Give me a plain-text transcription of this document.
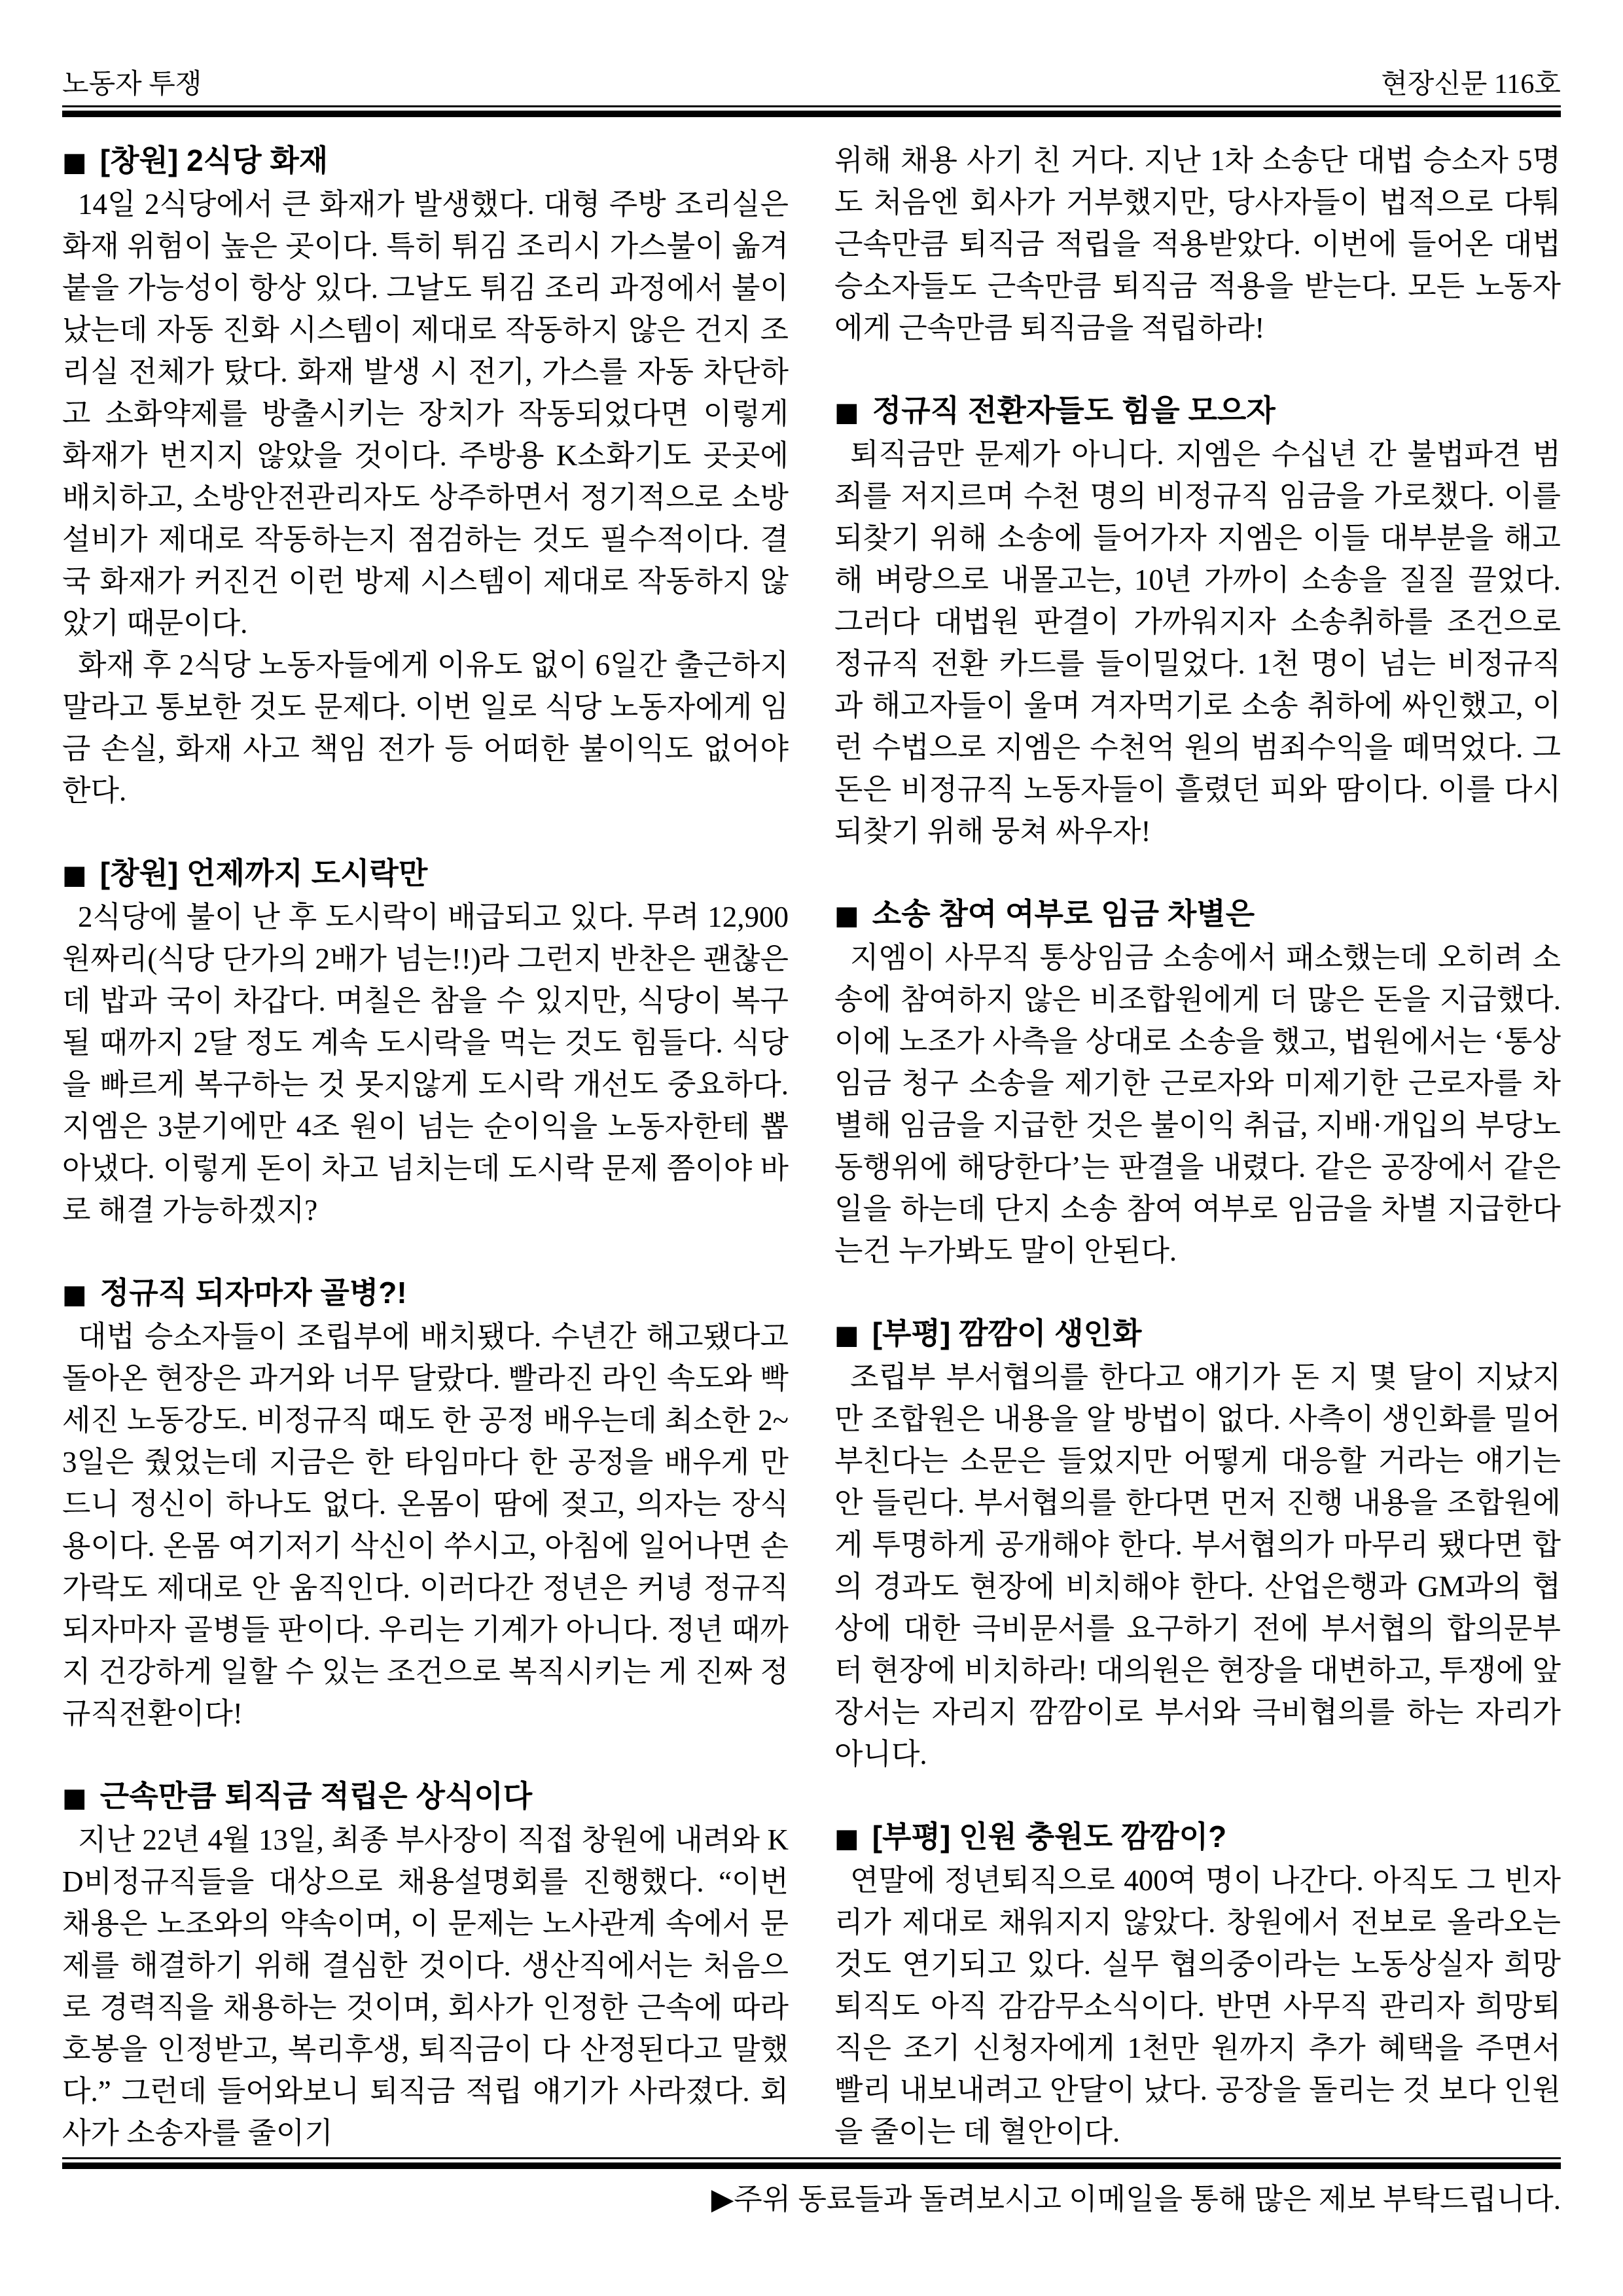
노동자 투쟁	현장신문 116호
■ [창원] 2식당 화재

14일 2식당에서 큰 화재가 발생했다. 대형 주방 조리실은 화재 위험이 높은 곳이다. 특히 튀김 조리시 가스불이 옮겨붙을 가능성이 항상 있다. 그날도 튀김 조리 과정에서 불이 났는데 자동 진화 시스템이 제대로 작동하지 않은 건지 조리실 전체가 탔다. 화재 발생 시 전기, 가스를 자동 차단하고 소화약제를 방출시키는 장치가 작동되었다면 이렇게 화재가 번지지 않았을 것이다. 주방용 K소화기도 곳곳에 배치하고, 소방안전관리자도 상주하면서 정기적으로 소방설비가 제대로 작동하는지 점검하는 것도 필수적이다. 결국 화재가 커진건 이런 방제 시스템이 제대로 작동하지 않았기 때문이다.

화재 후 2식당 노동자들에게 이유도 없이 6일간 출근하지 말라고 통보한 것도 문제다. 이번 일로 식당 노동자에게 임금 손실, 화재 사고 책임 전가 등 어떠한 불이익도 없어야 한다.

■ [창원] 언제까지 도시락만

2식당에 불이 난 후 도시락이 배급되고 있다. 무려 12,900원짜리(식당 단가의 2배가 넘는!!)라 그런지 반찬은 괜찮은데 밥과 국이 차갑다. 며칠은 참을 수 있지만, 식당이 복구될 때까지 2달 정도 계속 도시락을 먹는 것도 힘들다. 식당을 빠르게 복구하는 것 못지않게 도시락 개선도 중요하다. 지엠은 3분기에만 4조 원이 넘는 순이익을 노동자한테 뽑아냈다. 이렇게 돈이 차고 넘치는데 도시락 문제 쯤이야 바로 해결 가능하겠지?

■ 정규직 되자마자 골병?!

대법 승소자들이 조립부에 배치됐다. 수년간 해고됐다고 돌아온 현장은 과거와 너무 달랐다. 빨라진 라인 속도와 빡세진 노동강도. 비정규직 때도 한 공정 배우는데 최소한 2~3일은 줬었는데 지금은 한 타임마다 한 공정을 배우게 만드니 정신이 하나도 없다. 온몸이 땀에 젖고, 의자는 장식용이다. 온몸 여기저기 삭신이 쑤시고, 아침에 일어나면 손가락도 제대로 안 움직인다. 이러다간 정년은 커녕 정규직되자마자 골병들 판이다. 우리는 기계가 아니다. 정년 때까지 건강하게 일할 수 있는 조건으로 복직시키는 게 진짜 정규직전환이다!

■ 근속만큼 퇴직금 적립은 상식이다

지난 22년 4월 13일, 최종 부사장이 직접 창원에 내려와 KD비정규직들을 대상으로 채용설명회를 진행했다. “이번 채용은 노조와의 약속이며, 이 문제는 노사관계 속에서 문제를 해결하기 위해 결심한 것이다. 생산직에서는 처음으로 경력직을 채용하는 것이며, 회사가 인정한 근속에 따라 호봉을 인정받고, 복리후생, 퇴직금이 다 산정된다고 말했다.” 그런데 들어와보니 퇴직금 적립 얘기가 사라졌다. 회사가 소송자를 줄이기

위해 채용 사기 친 거다. 지난 1차 소송단 대법 승소자 5명도 처음엔 회사가 거부했지만, 당사자들이 법적으로 다퉈 근속만큼 퇴직금 적립을 적용받았다. 이번에 들어온 대법승소자들도 근속만큼 퇴직금 적용을 받는다. 모든 노동자에게 근속만큼 퇴직금을 적립하라!

■ 정규직 전환자들도 힘을 모으자

퇴직금만 문제가 아니다. 지엠은 수십년 간 불법파견 범죄를 저지르며 수천 명의 비정규직 임금을 가로챘다. 이를 되찾기 위해 소송에 들어가자 지엠은 이들 대부분을 해고해 벼랑으로 내몰고는, 10년 가까이 소송을 질질 끌었다. 그러다 대법원 판결이 가까워지자 소송취하를 조건으로 정규직 전환 카드를 들이밀었다. 1천 명이 넘는 비정규직과 해고자들이 울며 겨자먹기로 소송 취하에 싸인했고, 이런 수법으로 지엠은 수천억 원의 범죄수익을 떼먹었다. 그 돈은 비정규직 노동자들이 흘렸던 피와 땀이다. 이를 다시 되찾기 위해 뭉쳐 싸우자!

■ 소송 참여 여부로 임금 차별은

지엠이 사무직 통상임금 소송에서 패소했는데 오히려 소송에 참여하지 않은 비조합원에게 더 많은 돈을 지급했다. 이에 노조가 사측을 상대로 소송을 했고, 법원에서는 ‘통상임금 청구 소송을 제기한 근로자와 미제기한 근로자를 차별해 임금을 지급한 것은 불이익 취급, 지배·개입의 부당노동행위에 해당한다’는 판결을 내렸다. 같은 공장에서 같은 일을 하는데 단지 소송 참여 여부로 임금을 차별 지급한다는건 누가봐도 말이 안된다.

■ [부평] 깜깜이 생인화

조립부 부서협의를 한다고 얘기가 돈 지 몇 달이 지났지만 조합원은 내용을 알 방법이 없다. 사측이 생인화를 밀어부친다는 소문은 들었지만 어떻게 대응할 거라는 얘기는 안 들린다. 부서협의를 한다면 먼저 진행 내용을 조합원에게 투명하게 공개해야 한다. 부서협의가 마무리 됐다면 합의 경과도 현장에 비치해야 한다. 산업은행과 GM과의 협상에 대한 극비문서를 요구하기 전에 부서협의 합의문부터 현장에 비치하라! 대의원은 현장을 대변하고, 투쟁에 앞장서는 자리지 깜깜이로 부서와 극비협의를 하는 자리가 아니다.

■ [부평] 인원 충원도 깜깜이?

연말에 정년퇴직으로 400여 명이 나간다. 아직도 그 빈자리가 제대로 채워지지 않았다. 창원에서 전보로 올라오는 것도 연기되고 있다. 실무 협의중이라는 노동상실자 희망퇴직도 아직 감감무소식이다. 반면 사무직 관리자 희망퇴직은 조기 신청자에게 1천만 원까지 추가 혜택을 주면서 빨리 내보내려고 안달이 났다. 공장을 돌리는 것 보다 인원을 줄이는 데 혈안이다.

▶주위 동료들과 돌려보시고 이메일을 통해 많은 제보 부탁드립니다.
